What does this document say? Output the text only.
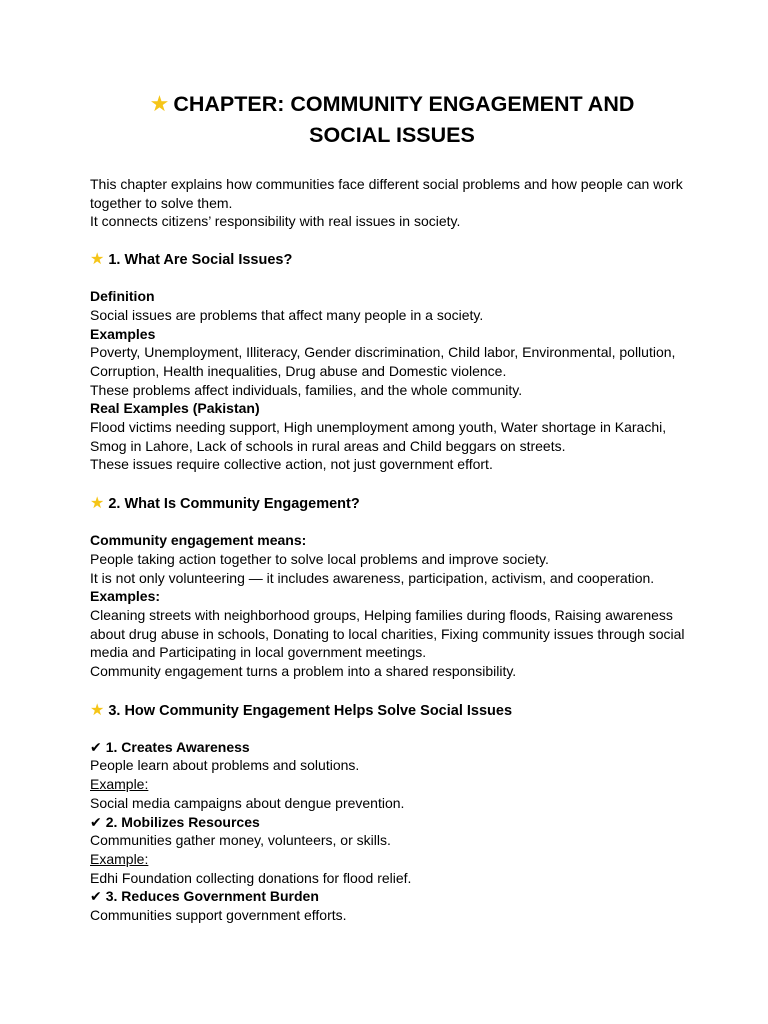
★ CHAPTER: COMMUNITY ENGAGEMENT AND
SOCIAL ISSUES

This chapter explains how communities face different social problems and how people can work together to solve them.

It connects citizens’ responsibility with real issues in society.

★ 1. What Are Social Issues?

Definition

Social issues are problems that affect many people in a society.

Examples

Poverty, Unemployment, Illiteracy, Gender discrimination, Child labor, Environmental, pollution, Corruption, Health inequalities, Drug abuse and Domestic violence.

These problems affect individuals, families, and the whole community.

Real Examples (Pakistan)

Flood victims needing support, High unemployment among youth, Water shortage in Karachi, Smog in Lahore, Lack of schools in rural areas and Child beggars on streets.

These issues require collective action, not just government effort.

★ 2. What Is Community Engagement?

Community engagement means:

People taking action together to solve local problems and improve society.

It is not only volunteering — it includes awareness, participation, activism, and cooperation.

Examples:

Cleaning streets with neighborhood groups, Helping families during floods, Raising awareness about drug abuse in schools, Donating to local charities, Fixing community issues through social media and Participating in local government meetings.

Community engagement turns a problem into a shared responsibility.

★ 3. How Community Engagement Helps Solve Social Issues

✔ 1. Creates Awareness

People learn about problems and solutions.

Example:

Social media campaigns about dengue prevention.

✔ 2. Mobilizes Resources

Communities gather money, volunteers, or skills.

Example:

Edhi Foundation collecting donations for flood relief.

✔ 3. Reduces Government Burden

Communities support government efforts.
